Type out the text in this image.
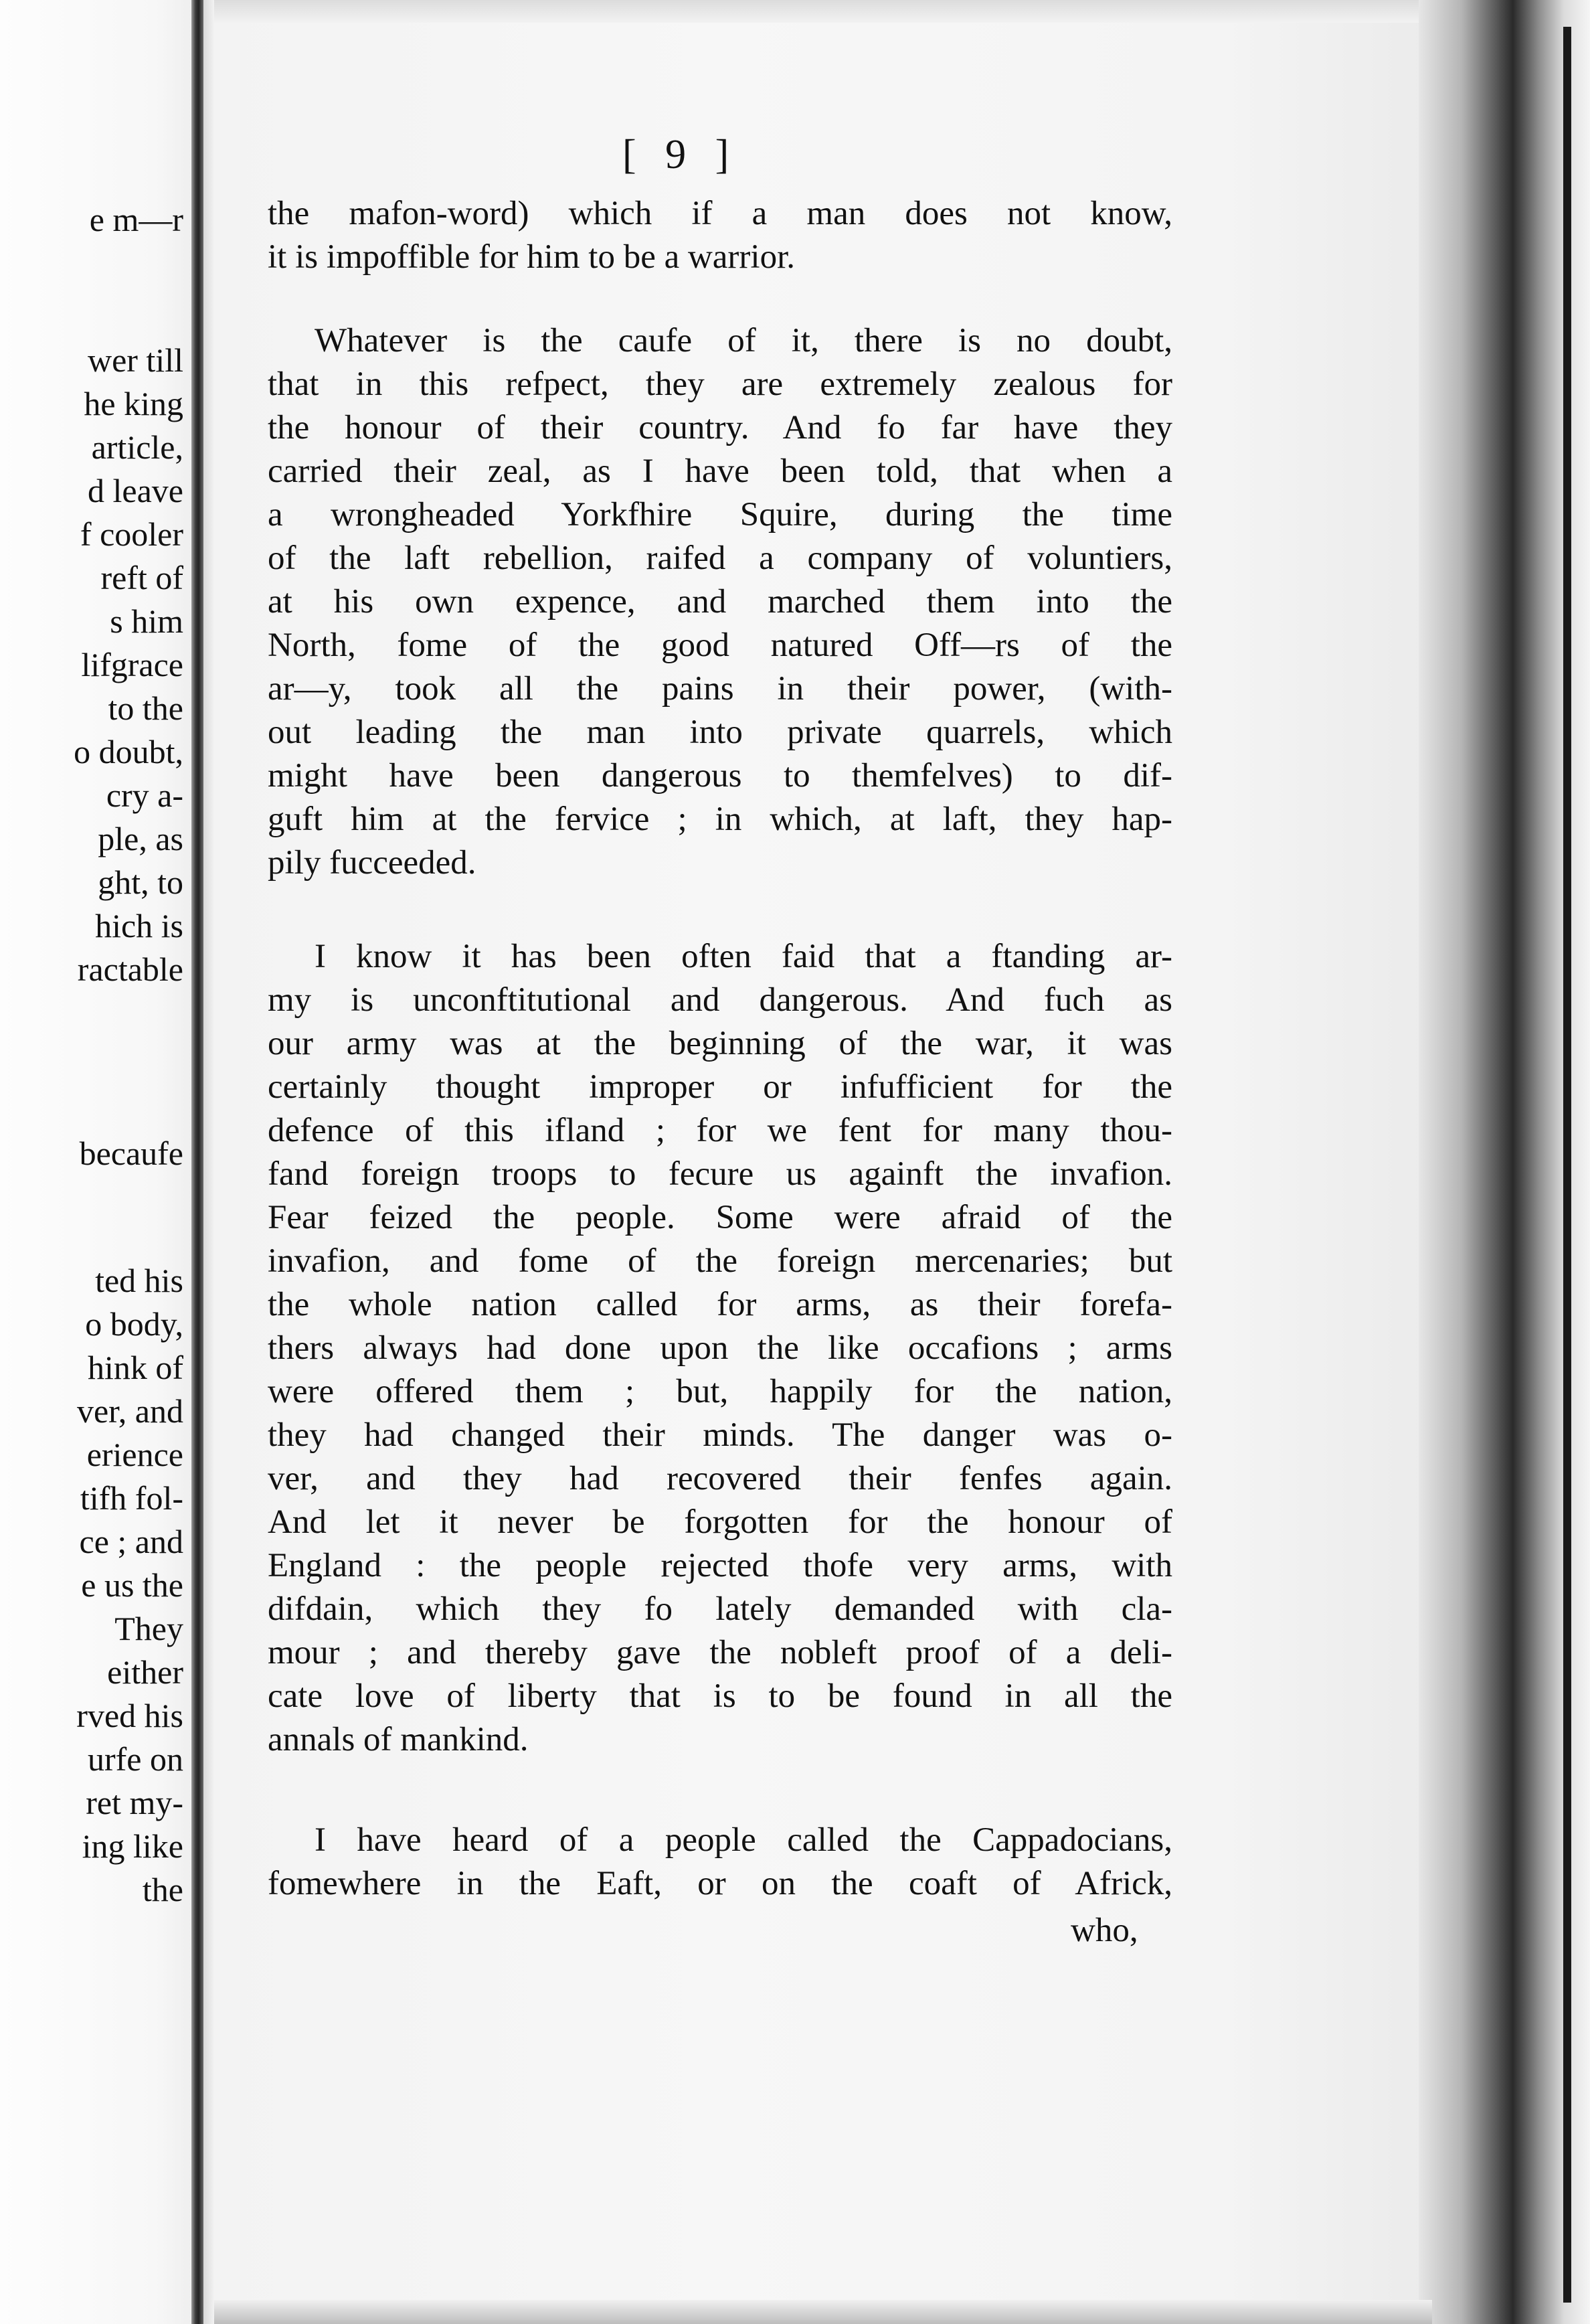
e m—r

wer till

he king

article,

d leave

f cooler

reft of

s him

lifgrace

to the

o doubt,

cry a-

ple, as

ght, to

hich is

ractable

becaufe

ted his

o body,

hink of

ver, and

erience

tifh fol-

ce ; and

e us the

They

either

rved his

urfe on

ret my-

ing like

the

[ 9 ]

the mafon-word) which if a man does not know,

it is impoffible for him to be a warrior.

Whatever is the caufe of it, there is no doubt,

that in this refpect, they are extremely zealous for

the honour of their country. And fo far have they

carried their zeal, as I have been told, that when a

a wrongheaded Yorkfhire Squire, during the time

of the laft rebellion, raifed a company of voluntiers,

at his own expence, and marched them into the

North, fome of the good natured Off—rs of the

ar—y, took all the pains in their power, (with-

out leading the man into private quarrels, which

might have been dangerous to themfelves) to dif-

guft him at the fervice ; in which, at laft, they hap-

pily fucceeded.

I know it has been often faid that a ftanding ar-

my is unconftitutional and dangerous. And fuch as

our army was at the beginning of the war, it was

certainly thought improper or infufficient for the

defence of this ifland ; for we fent for many thou-

fand foreign troops to fecure us againft the invafion.

Fear feized the people. Some were afraid of the

invafion, and fome of the foreign mercenaries; but

the whole nation called for arms, as their forefa-

thers always had done upon the like occafions ; arms

were offered them ; but, happily for the nation,

they had changed their minds. The danger was o-

ver, and they had recovered their fenfes again.

And let it never be forgotten for the honour of

England : the people rejected thofe very arms, with

difdain, which they fo lately demanded with cla-

mour ; and thereby gave the nobleft proof of a deli-

cate love of liberty that is to be found in all the

annals of mankind.

I have heard of a people called the Cappadocians,

fomewhere in the Eaft, or on the coaft of Africk,

who,
